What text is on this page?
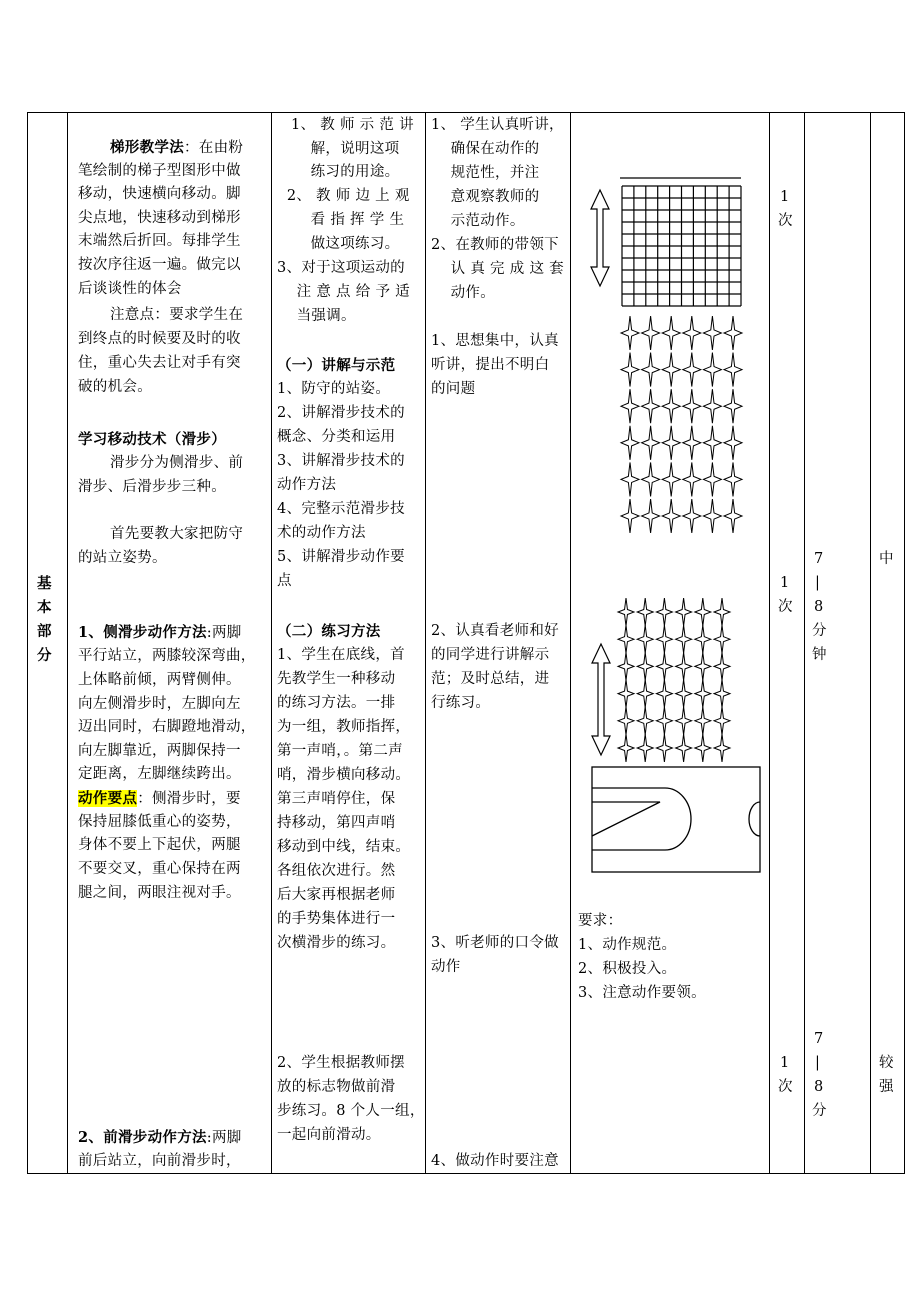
基
本
部
分
梯形教学法：在由粉
笔绘制的梯子型图形中做
移动，快速横向移动。脚
尖点地，快速移动到梯形
末端然后折回。每排学生
按次序往返一遍。做完以
后谈谈性的体会
注意点：要求学生在
到终点的时候要及时的收
住，重心失去让对手有突
破的机会。
学习移动技术（滑步）
滑步分为侧滑步、前
滑步、后滑步步三种。
首先要教大家把防守
的站立姿势。
1、侧滑步动作方法:两脚
平行站立，两膝较深弯曲，
上体略前倾，两臂侧伸。
向左侧滑步时，左脚向左
迈出同时，右脚蹬地滑动，
向左脚靠近，两脚保持一
定距离，左脚继续跨出。
动作要点：侧滑步时，要
保持屈膝低重心的姿势，
身体不要上下起伏，两腿
不要交叉，重心保持在两
腿之间，两眼注视对手。
2、前滑步动作方法:两脚
前后站立，向前滑步时，
1、 教 师 示 范 讲
解，说明这项
练习的用途。
2、 教 师 边 上 观
看 指 挥 学 生
做这项练习。
3、对于这项运动的
注 意 点 给 予 适
当强调。
（一）讲解与示范
1、防守的站姿。
2、讲解滑步技术的
概念、分类和运用
3、讲解滑步技术的
动作方法
4、完整示范滑步技
术的动作方法
5、讲解滑步动作要
点
（二）练习方法
1、学生在底线，首
先教学生一种移动
的练习方法。一排
为一组，教师指挥，
第一声哨，。第二声
哨，滑步横向移动。
第三声哨停住，保
持移动，第四声哨
移动到中线，结束。
各组依次进行。然
后大家再根据老师
的手势集体进行一
次横滑步的练习。
2、学生根据教师摆
放的标志物做前滑
步练习。8 个人一组，
一起向前滑动。
1、 学生认真听讲，
确保在动作的
规范性，并注
意观察教师的
示范动作。
2、在教师的带领下
认 真 完 成 这 套
动作。
1、思想集中，认真
听讲，提出不明白
的问题
2、认真看老师和好
的同学进行讲解示
范；及时总结，进
行练习。
3、听老师的口令做
动作
4、做动作时要注意
要求：
1、动作规范。
2、积极投入。
3、注意动作要领。
1
次
1
次
1
次
7
|
8
分
钟
7
|
8
分
中
较
强
